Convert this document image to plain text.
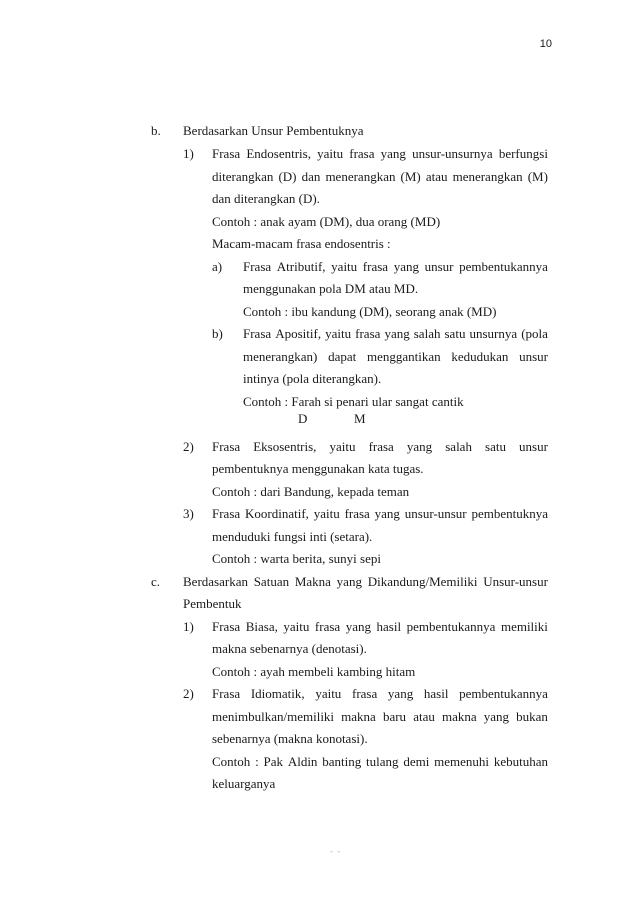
10
b. Berdasarkan Unsur Pembentuknya
1) Frasa Endosentris, yaitu frasa yang unsur-unsurnya berfungsi
diterangkan (D) dan menerangkan (M) atau menerangkan (M)
dan diterangkan (D).
Contoh : anak ayam (DM), dua orang (MD)
Macam-macam frasa endosentris :
a) Frasa Atributif, yaitu frasa yang unsur pembentukannya
menggunakan pola DM atau MD.
Contoh : ibu kandung (DM), seorang anak (MD)
b) Frasa Apositif, yaitu frasa yang salah satu unsurnya (pola
menerangkan) dapat menggantikan kedudukan unsur
intinya (pola diterangkan).
Contoh : Farah si penari ular sangat cantik
D	M
2) Frasa Eksosentris, yaitu frasa yang salah satu unsur
pembentuknya menggunakan kata tugas.
Contoh : dari Bandung, kepada teman
3) Frasa Koordinatif, yaitu frasa yang unsur-unsur pembentuknya
menduduki fungsi inti (setara).
Contoh : warta berita, sunyi sepi
c. Berdasarkan Satuan Makna yang Dikandung/Memiliki Unsur-unsur
Pembentuk
1) Frasa Biasa, yaitu frasa yang hasil pembentukannya memiliki
makna sebenarnya (denotasi).
Contoh : ayah membeli kambing hitam
2) Frasa Idiomatik, yaitu frasa yang hasil pembentukannya
menimbulkan/memiliki makna baru atau makna yang bukan
sebenarnya (makna konotasi).
Contoh : Pak Aldin banting tulang demi memenuhi kebutuhan
keluarganya
- -
